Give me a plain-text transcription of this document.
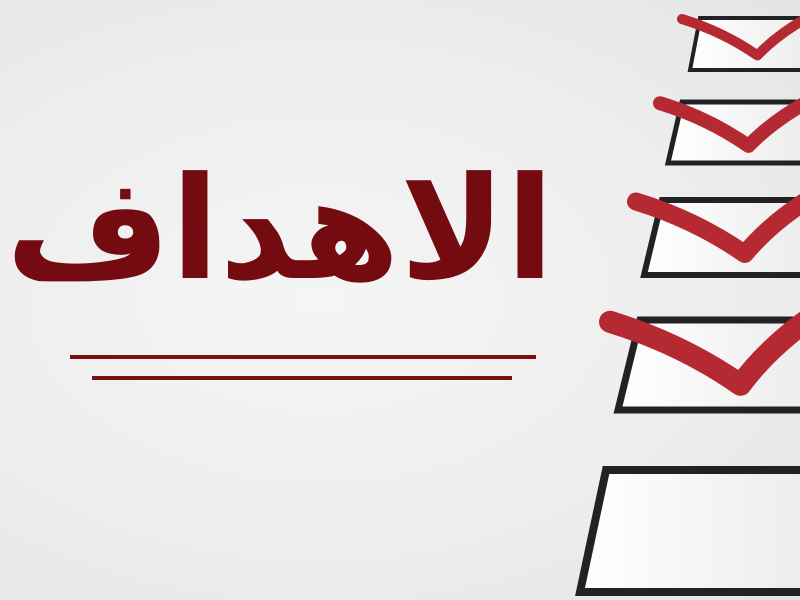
الاهداف
